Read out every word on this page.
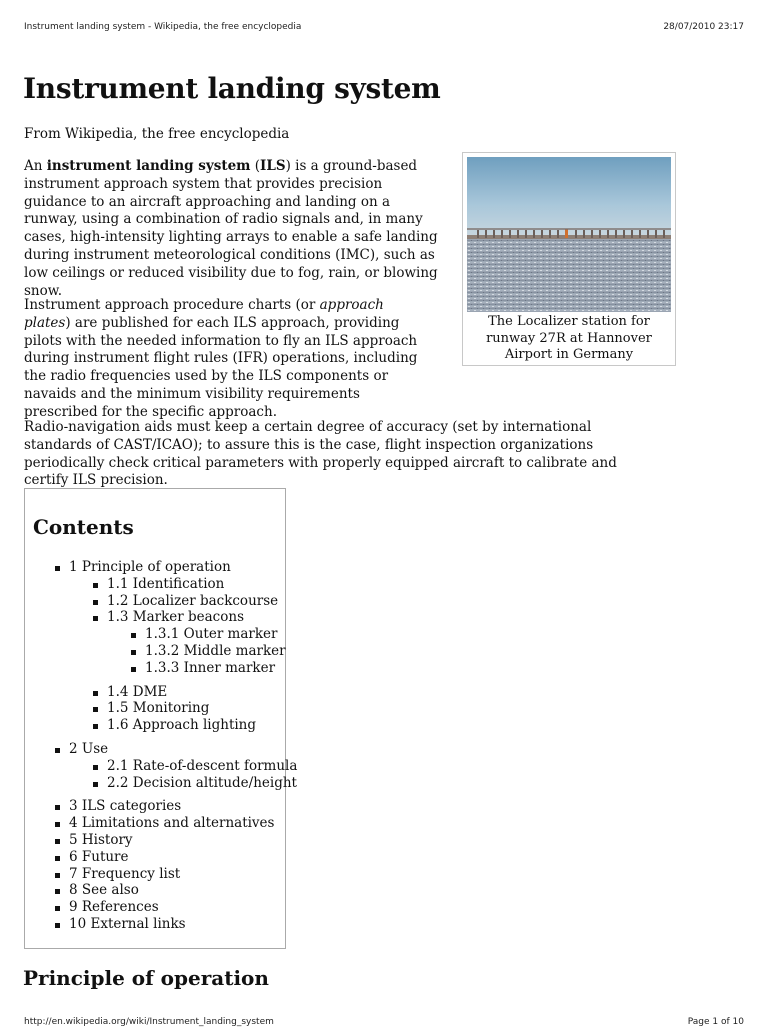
Instrument landing system - Wikipedia, the free encyclopedia	28/07/2010 23:17
Instrument landing system
From Wikipedia, the free encyclopedia

An instrument landing system (ILS) is a ground-based instrument approach system that provides precision guidance to an aircraft approaching and landing on a runway, using a combination of radio signals and, in many cases, high-intensity lighting arrays to enable a safe landing during instrument meteorological conditions (IMC), such as low ceilings or reduced visibility due to fog, rain, or blowing snow.

The Localizer station for runway 27R at Hannover Airport in Germany

Instrument approach procedure charts (or approach plates) are published for each ILS approach, providing pilots with the needed information to fly an ILS approach during instrument flight rules (IFR) operations, including the radio frequencies used by the ILS components or navaids and the minimum visibility requirements prescribed for the specific approach.

Radio-navigation aids must keep a certain degree of accuracy (set by international standards of CAST/ICAO); to assure this is the case, flight inspection organizations periodically check critical parameters with properly equipped aircraft to calibrate and certify ILS precision.

Contents
1 Principle of operation
1.1 Identification
1.2 Localizer backcourse
1.3 Marker beacons
1.3.1 Outer marker
1.3.2 Middle marker
1.3.3 Inner marker
1.4 DME
1.5 Monitoring
1.6 Approach lighting
2 Use
2.1 Rate-of-descent formula
2.2 Decision altitude/height
3 ILS categories
4 Limitations and alternatives
5 History
6 Future
7 Frequency list
8 See also
9 References
10 External links
Principle of operation
http://en.wikipedia.org/wiki/Instrument_landing_system	Page 1 of 10
